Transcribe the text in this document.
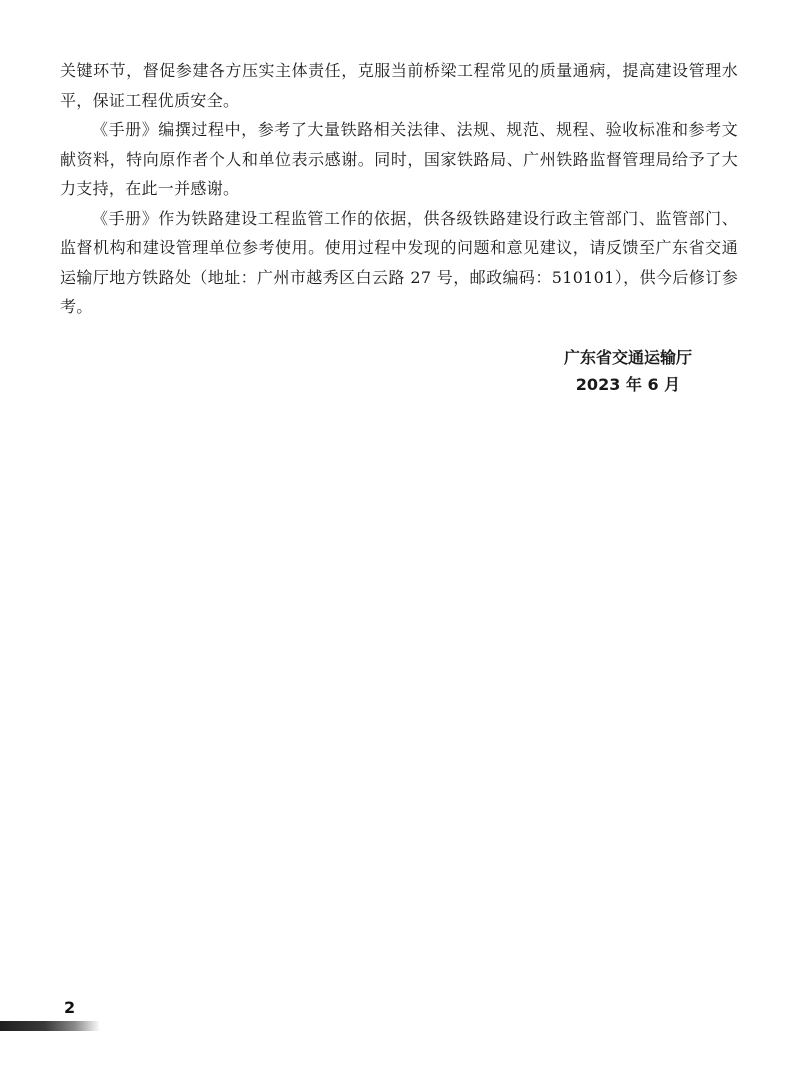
关键环节，督促参建各方压实主体责任，克服当前桥梁工程常见的质量通病，提高建设管理水平，保证工程优质安全。

《手册》编撰过程中，参考了大量铁路相关法律、法规、规范、规程、验收标准和参考文献资料，特向原作者个人和单位表示感谢。同时，国家铁路局、广州铁路监督管理局给予了大力支持，在此一并感谢。

《手册》作为铁路建设工程监管工作的依据，供各级铁路建设行政主管部门、监管部门、监督机构和建设管理单位参考使用。使用过程中发现的问题和意见建议，请反馈至广东省交通运输厅地方铁路处（地址：广州市越秀区白云路 27 号，邮政编码：510101），供今后修订参考。

广东省交通运输厅
2023 年 6 月
2
